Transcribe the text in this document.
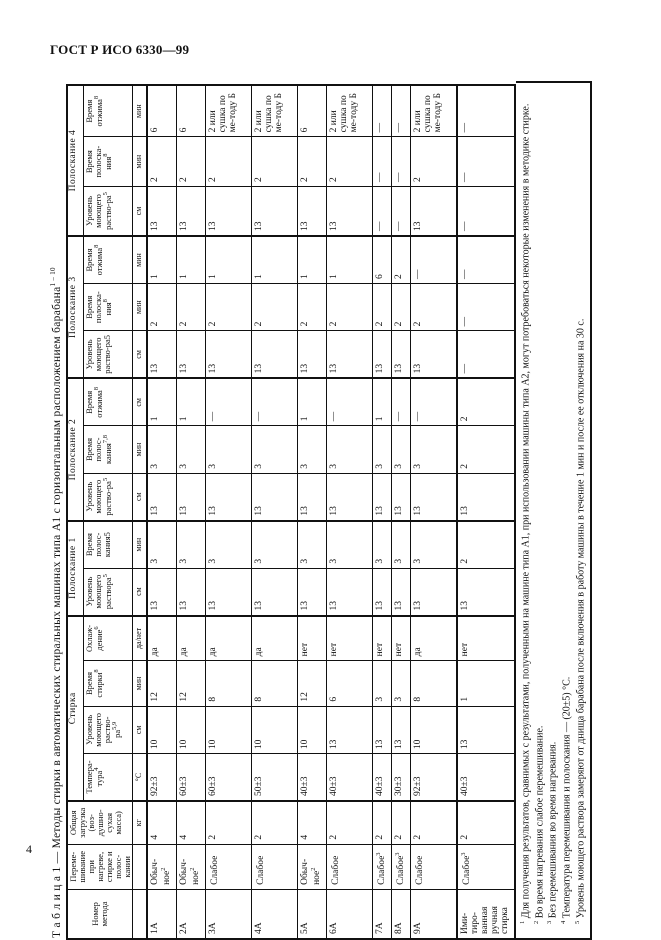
ГОСТ Р ИСО 6330—99
Т а б л и ц а 1 — Методы стирки в автоматических стиральных машинах типа А1 с горизонтальным расположением барабана$^{1 - 10}$
Номер метода	Переме-шивание при нагреве, стирке и полос-кании	Общая загрузка (воз-душно-сухая масса)	Стирка				Полоскание 1		Полоскание 2			Полоскание 3			Полоскание 4		
			Темпера-тура$^4$	Уровень моющего раство-ра$^{5,9}$	Время стирки$^8$	Охлаж-дение$^6$	Уровень моющего раствора$^5$	Время полос-кания5	Уровень моющего раство-$ра^5$	Время полос-кания$^{7,8}$	Время отжима$^8$	Уровень моющего раство-ра5	Время полоска-ния$^8$	Время отжима$^8$	Уровень моющего раство-$ра^5$	Время полоска-ния$^8$	Время отжима$^8$
		кг	°С	см	мин	да/нет	см	мин	см	мин	см	см	мин	мин	см	мин	мин
1А	Обыч-ное$^2$	4	92±3	10	12	да	13	3	13	3	1	13	2	1	13	2	6
2А	Обыч-ное$^2$	4	60±3	10	12	да	13	3	13	3	1	13	2	1	13	2	6
3А	Слабое	2	60±3	10	8	да	13	3	13	3	—	13	2	1	13	2	2 или сушка по ме-тоду Б
4А	Слабое	2	50±3	10	8	да	13	3	13	3	—	13	2	1	13	2	2 или сушка по ме-тоду Б
5А	Обыч-ное$^2$	4	40±3	10	12	нет	13	3	13	3	1	13	2	1	13	2	6
6А	Слабое	2	40±3	13	6	нет	13	3	13	3	—	13	2	1	13	2	2 или сушка по ме-тоду Б
7А	Слабое$^3$	2	40±3	13	3	нет	13	3	13	3	1	13	2	6	—	—	—
8А	Слабое$^3$	2	30±3	13	3	нет	13	3	13	3	—	13	2	2	—	—	—
9А	Слабое	2	92±3	10	8	да	13	3	13	3	—	13	2	—	13	2	2 или сушка по ме-тоду Б
Ими-тиро-ванная ручная стирка	Слабое$^3$	2	40±3	13	1	нет	13	2	13	2	2	—	—	—	—	—	—

$^1$ Для получения результатов, сравнимых с результатами, полученными на машине типа А1, при использовании машины типа А2, могут потребоваться некоторые изменения в методике стирке.

$^2$ Во время нагревания слабое перемешивание.

$^3$ Без перемешивания во время нагревания.

$^4$ Температура перемешивания и полоскания — (20±5) °С.

$^5$ Уровень моющего раствора замеряют от днища барабана после включения в работу машины в течение 1 мин и после ее отключения на 30 с.

4
